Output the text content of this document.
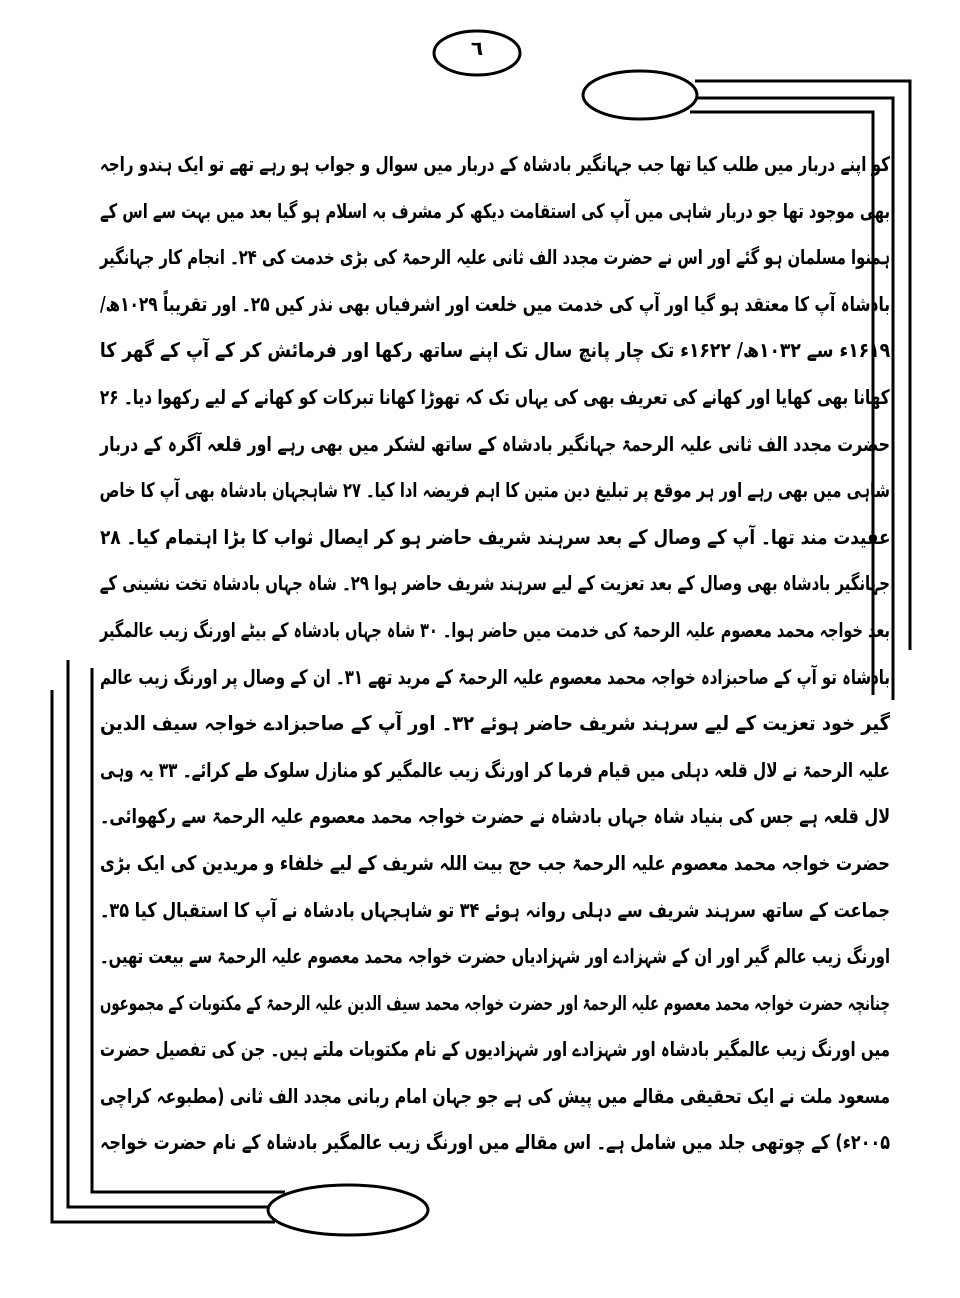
٦
کو اپنے دربار میں طلب کیا تھا جب جہانگیر بادشاہ کے دربار میں سوال و جواب ہو رہے تھے تو ایک ہندو راجہ
بھی موجود تھا جو دربار شاہی میں آپ کی استقامت دیکھ کر مشرف بہ اسلام ہو گیا بعد میں بہت سے اس کے
ہمنوا مسلمان ہو گئے اور اس نے حضرت مجدد الف ثانی علیہ الرحمۃ کی بڑی خدمت کی ۲۴۔ انجام کار جہانگیر
بادشاہ آپ کا معتقد ہو گیا اور آپ کی خدمت میں خلعت اور اشرفیاں بھی نذر کیں ۲۵۔ اور تقریباً ۱۰۲۹ھ/
۱۶۱۹ء سے ۱۰۳۲ھ/ ۱۶۲۲ء تک چار پانچ سال تک اپنے ساتھ رکھا اور فرمائش کر کے آپ کے گھر کا
کھانا بھی کھایا اور کھانے کی تعریف بھی کی یہاں تک کہ تھوڑا کھانا تبرکات کو کھانے کے لیے رکھوا دیا۔ ۲۶
حضرت مجدد الف ثانی علیہ الرحمۃ جہانگیر بادشاہ کے ساتھ لشکر میں بھی رہے اور قلعہ آگرہ کے دربار
شاہی میں بھی رہے اور ہر موقع پر تبلیغ دین متین کا اہم فریضہ ادا کیا۔ ۲۷ شاہجہان بادشاہ بھی آپ کا خاص
عقیدت مند تھا۔ آپ کے وصال کے بعد سرہند شریف حاضر ہو کر ایصال ثواب کا بڑا اہتمام کیا۔ ۲۸
جہانگیر بادشاہ بھی وصال کے بعد تعزیت کے لیے سرہند شریف حاضر ہوا ۲۹۔ شاہ جہاں بادشاہ تخت نشینی کے
بعد خواجہ محمد معصوم علیہ الرحمۃ کی خدمت میں حاضر ہوا۔ ۳۰ شاہ جہاں بادشاہ کے بیٹے اورنگ زیب عالمگیر
بادشاہ تو آپ کے صاحبزادہ خواجہ محمد معصوم علیہ الرحمۃ کے مرید تھے ۳۱۔ ان کے وصال پر اورنگ زیب عالم
گیر خود تعزیت کے لیے سرہند شریف حاضر ہوئے ۳۲۔ اور آپ کے صاحبزادے خواجہ سیف الدین
علیہ الرحمۃ نے لال قلعہ دہلی میں قیام فرما کر اورنگ زیب عالمگیر کو منازل سلوک طے کرائے۔ ۳۳ یہ وہی
لال قلعہ ہے جس کی بنیاد شاہ جہاں بادشاہ نے حضرت خواجہ محمد معصوم علیہ الرحمۃ سے رکھوائی۔
حضرت خواجہ محمد معصوم علیہ الرحمۃ جب حج بیت اللہ شریف کے لیے خلفاء و مریدین کی ایک بڑی
جماعت کے ساتھ سرہند شریف سے دہلی روانہ ہوئے ۳۴ تو شاہجہاں بادشاہ نے آپ کا استقبال کیا ۳۵۔
اورنگ زیب عالم گیر اور ان کے شہزادے اور شہزادیاں حضرت خواجہ محمد معصوم علیہ الرحمۃ سے بیعت تھیں۔
چنانچہ حضرت خواجہ محمد معصوم علیہ الرحمۃ اور حضرت خواجہ محمد سیف الدین علیہ الرحمۃ کے مکتوبات کے مجموعوں
میں اورنگ زیب عالمگیر بادشاہ اور شہزادے اور شہزادیوں کے نام مکتوبات ملتے ہیں۔ جن کی تفصیل حضرت
مسعود ملت نے ایک تحقیقی مقالے میں پیش کی ہے جو جہان امام ربانی مجدد الف ثانی (مطبوعہ کراچی
۲۰۰۵ء) کے چوتھی جلد میں شامل ہے۔ اس مقالے میں اورنگ زیب عالمگیر بادشاہ کے نام حضرت خواجہ
